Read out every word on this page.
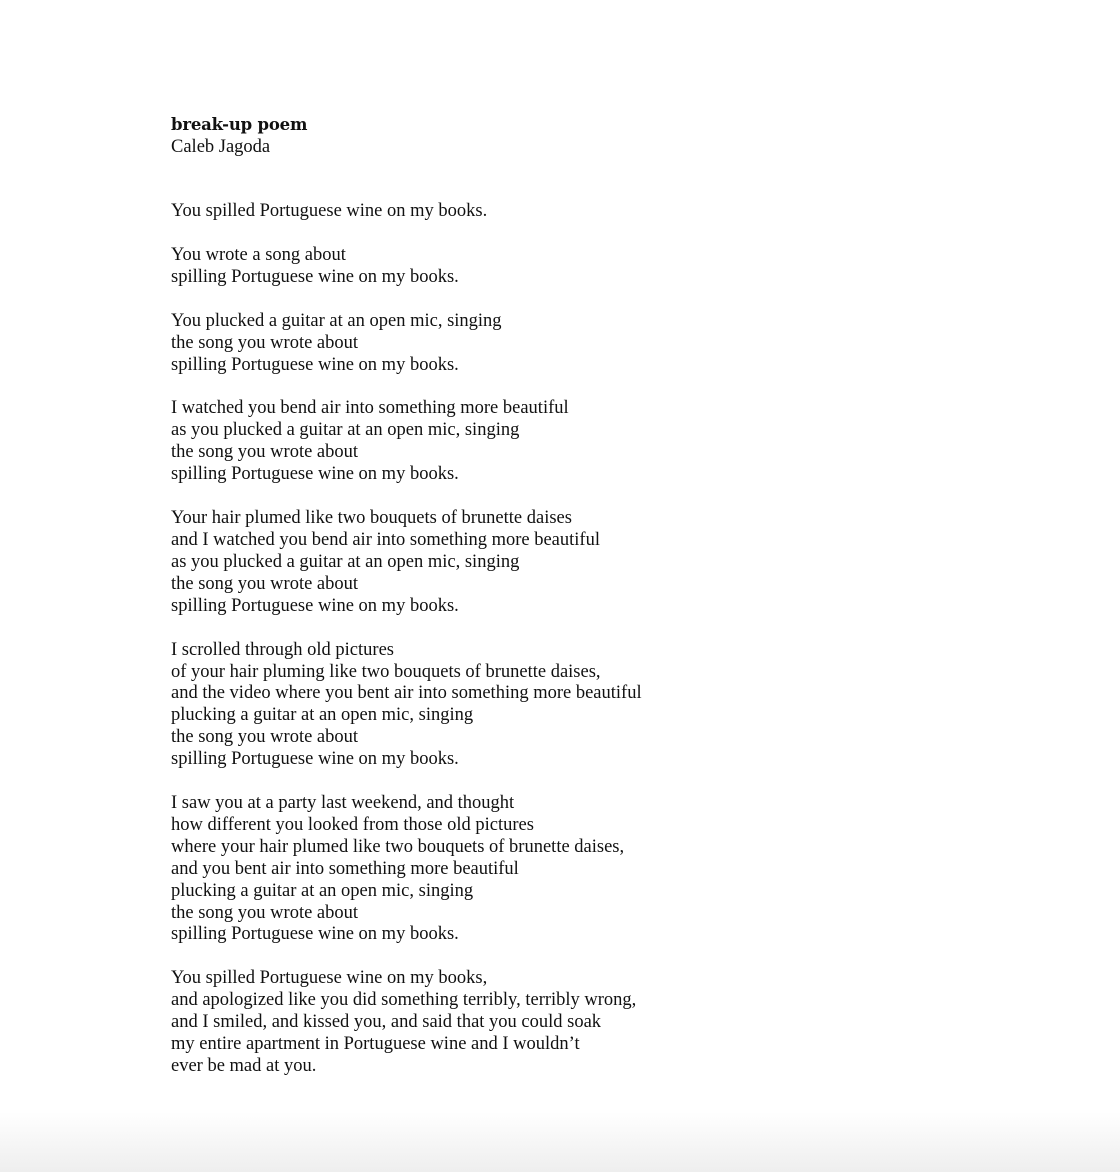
break-up poem
Caleb Jagoda
You spilled Portuguese wine on my books.
You wrote a song about
spilling Portuguese wine on my books.
You plucked a guitar at an open mic, singing
the song you wrote about
spilling Portuguese wine on my books.
I watched you bend air into something more beautiful
as you plucked a guitar at an open mic, singing
the song you wrote about
spilling Portuguese wine on my books.
Your hair plumed like two bouquets of brunette daises
and I watched you bend air into something more beautiful
as you plucked a guitar at an open mic, singing
the song you wrote about
spilling Portuguese wine on my books.
I scrolled through old pictures
of your hair pluming like two bouquets of brunette daises,
and the video where you bent air into something more beautiful
plucking a guitar at an open mic, singing
the song you wrote about
spilling Portuguese wine on my books.
I saw you at a party last weekend, and thought
how different you looked from those old pictures
where your hair plumed like two bouquets of brunette daises,
and you bent air into something more beautiful
plucking a guitar at an open mic, singing
the song you wrote about
spilling Portuguese wine on my books.
You spilled Portuguese wine on my books,
and apologized like you did something terribly, terribly wrong,
and I smiled, and kissed you, and said that you could soak
my entire apartment in Portuguese wine and I wouldn’t
ever be mad at you.
